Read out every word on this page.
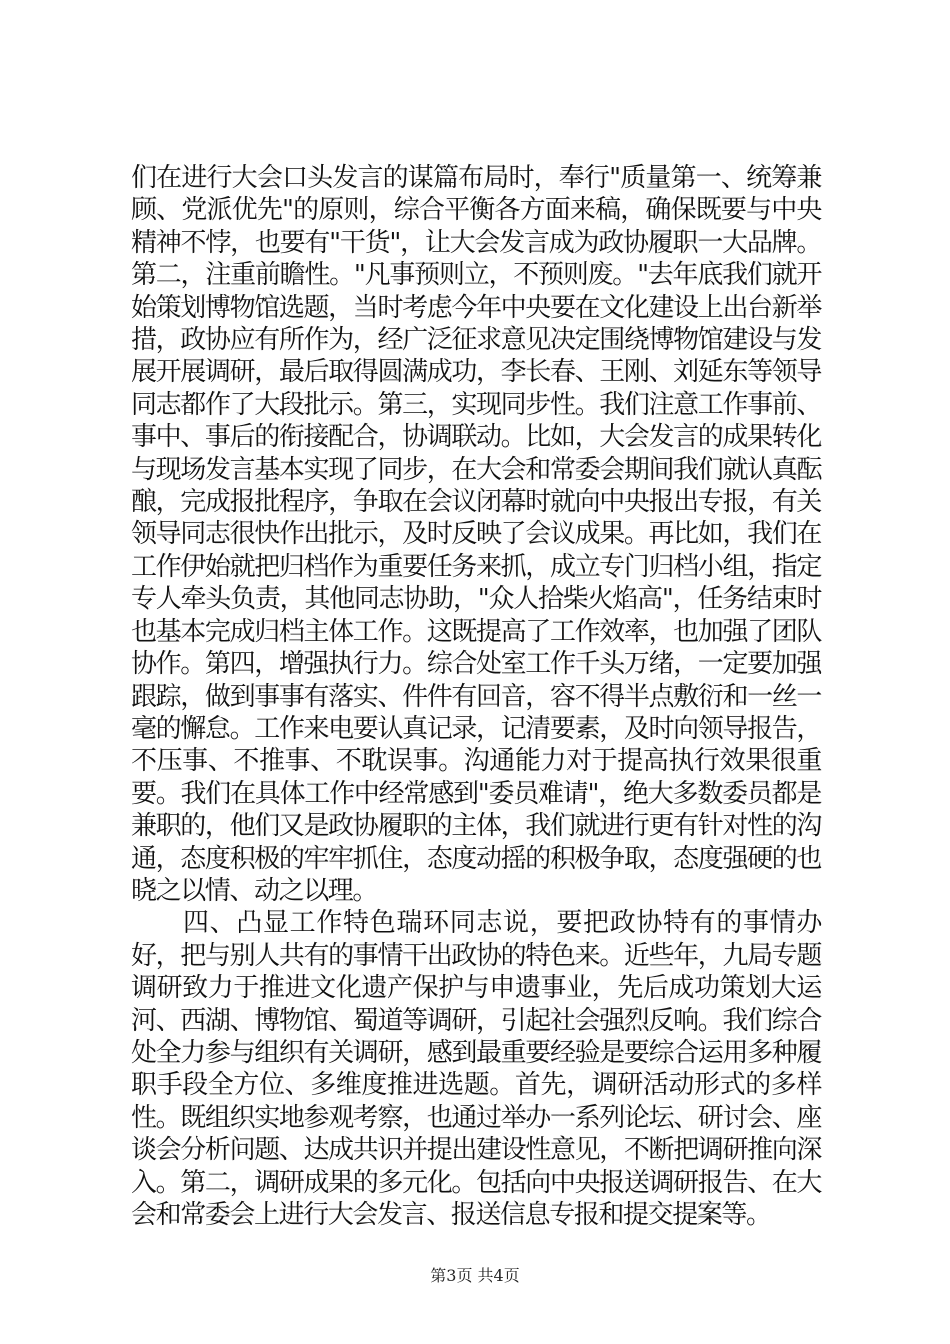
们在进行大会口头发言的谋篇布局时，奉行"质量第一、统筹兼顾、党派优先"的原则，综合平衡各方面来稿，确保既要与中央精神不悖，也要有"干货"，让大会发言成为政协履职一大品牌。第二，注重前瞻性。"凡事预则立，不预则废。"去年底我们就开始策划博物馆选题，当时考虑今年中央要在文化建设上出台新举措，政协应有所作为，经广泛征求意见决定围绕博物馆建设与发展开展调研，最后取得圆满成功，李长春、王刚、刘延东等领导同志都作了大段批示。第三，实现同步性。我们注意工作事前、事中、事后的衔接配合，协调联动。比如，大会发言的成果转化与现场发言基本实现了同步，在大会和常委会期间我们就认真酝酿，完成报批程序，争取在会议闭幕时就向中央报出专报，有关领导同志很快作出批示，及时反映了会议成果。再比如，我们在工作伊始就把归档作为重要任务来抓，成立专门归档小组，指定专人牵头负责，其他同志协助，"众人拾柴火焰高"，任务结束时也基本完成归档主体工作。这既提高了工作效率，也加强了团队协作。第四，增强执行力。综合处室工作千头万绪，一定要加强跟踪，做到事事有落实、件件有回音，容不得半点敷衍和一丝一毫的懈怠。工作来电要认真记录，记清要素，及时向领导报告，不压事、不推事、不耽误事。沟通能力对于提高执行效果很重要。我们在具体工作中经常感到"委员难请"，绝大多数委员都是兼职的，他们又是政协履职的主体，我们就进行更有针对性的沟通，态度积极的牢牢抓住，态度动摇的积极争取，态度强硬的也晓之以情、动之以理。

四、凸显工作特色瑞环同志说，要把政协特有的事情办好，把与别人共有的事情干出政协的特色来。近些年，九局专题调研致力于推进文化遗产保护与申遗事业，先后成功策划大运河、西湖、博物馆、蜀道等调研，引起社会强烈反响。我们综合处全力参与组织有关调研，感到最重要经验是要综合运用多种履职手段全方位、多维度推进选题。首先，调研活动形式的多样性。既组织实地参观考察，也通过举办一系列论坛、研讨会、座谈会分析问题、达成共识并提出建设性意见，不断把调研推向深入。第二，调研成果的多元化。包括向中央报送调研报告、在大会和常委会上进行大会发言、报送信息专报和提交提案等。

第3页 共4页
